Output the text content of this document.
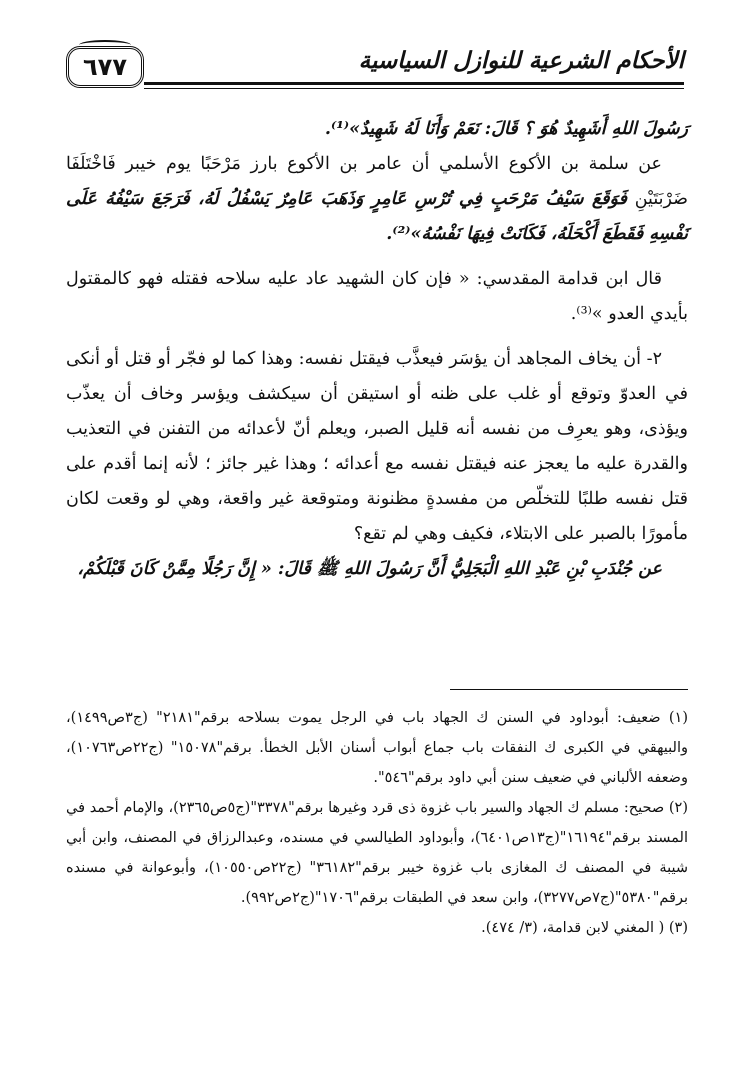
٦٧٧	الأحكام الشرعية للنوازل السياسية

رَسُولَ اللهِ أَشَهِيدٌ هُوَ ؟ قَالَ: نَعَمْ وَأَنَا لَهُ شَهِيدٌ»⁽¹⁾.

عن سلمة بن الأكوع الأسلمي أن عامر بن الأكوع بارز مَرْحَبًا يوم خيبر فَاخْتَلَفَا ضَرْبَتَيْنِ فَوَقَعَ سَيْفُ مَرْحَبٍ فِي تُرْسِ عَامِرٍ وَذَهَبَ عَامِرٌ يَسْفُلُ لَهُ، فَرَجَعَ سَيْفُهُ عَلَى نَفْسِهِ فَقَطَعَ أَكْحَلَهُ، فَكَانَتْ فِيهَا نَفْسُهُ»⁽²⁾.

قال ابن قدامة المقدسي: « فإن كان الشهيد عاد عليه سلاحه فقتله فهو كالمقتول بأيدي العدو »⁽³⁾.

٢- أن يخاف المجاهد أن يؤسَر فيعذَّب فيقتل نفسه: وهذا كما لو فجّر أو قتل أو أنكى في العدوّ وتوقع أو غلب على ظنه أو استيقن أن سيكشف ويؤسر وخاف أن يعذّب ويؤذى، وهو يعرِف من نفسه أنه قليل الصبر، ويعلم أنّ لأعدائه من التفنن في التعذيب والقدرة عليه ما يعجز عنه فيقتل نفسه مع أعدائه ؛ وهذا غير جائز ؛ لأنه إنما أقدم على قتل نفسه طلبًا للتخلّص من مفسدةٍ مظنونة ومتوقعة غير واقعة، وهي لو وقعت لكان مأمورًا بالصبر على الابتلاء، فكيف وهي لم تقع؟

عن جُنْدَبِ بْنِ عَبْدِ اللهِ الْبَجَلِيُّ أَنَّ رَسُولَ اللهِ ﷺ قَالَ: « إِنَّ رَجُلًا مِمَّنْ كَانَ قَبْلَكُمْ،

(١) ضعيف: أبوداود في السنن ك الجهاد باب في الرجل يموت بسلاحه برقم"٢١٨١" (ج٣ص١٤٩٩)، والبيهقي في الكبرى ك النفقات باب جماع أبواب أسنان الأبل الخطأ. برقم"١٥٠٧٨" (ج٢٢ص١٠٧٦٣)، وضعفه الألباني في ضعيف سنن أبي داود برقم"٥٤٦".

(٢) صحيح: مسلم ك الجهاد والسير باب غزوة ذى قرد وغيرها برقم"٣٣٧٨"(ج٥ص٢٣٦٥)، والإمام أحمد في المسند برقم"١٦١٩٤"(ج١٣ص٦٤٠١)، وأبوداود الطيالسي في مسنده، وعبدالرزاق في المصنف، وابن أبي شيبة في المصنف ك المغازى باب غزوة خيبر برقم"٣٦١٨٢" (ج٢٢ص١٠٥٥٠)، وأبوعوانة في مسنده برقم"٥٣٨٠"(ج٧ص٣٢٧٧)، وابن سعد في الطبقات برقم"١٧٠٦"(ج٢ص٩٩٢).

(٣) ( المغني لابن قدامة، (٣/ ٤٧٤).
